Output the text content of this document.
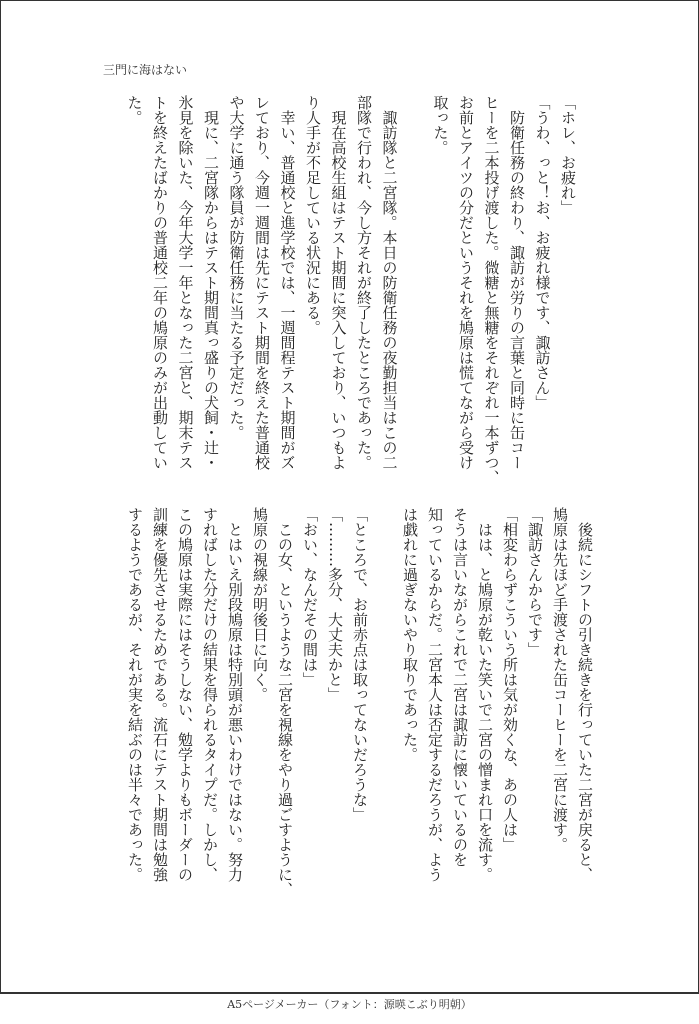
三門に海はない

「ホレ、お疲れ」

「うわ、っと！お、お疲れ様です、諏訪さん」

　防衛任務の終わり、諏訪が労りの言葉と同時に缶コー

ヒーを二本投げ渡した。微糖と無糖をそれぞれ一本ずつ、

お前とアイツの分だというそれを鳩原は慌てながら受け

取った。

　諏訪隊と二宮隊。本日の防衛任務の夜勤担当はこの二

部隊で行われ、今し方それが終了したところであった。

　現在高校生組はテスト期間に突入しており、いつもよ

り人手が不足している状況にある。

　幸い、普通校と進学校では、一週間程テスト期間がズ

レており、今週一週間は先にテスト期間を終えた普通校

や大学に通う隊員が防衛任務に当たる予定だった。

　現に、二宮隊からはテスト期間真っ盛りの犬飼・辻・

氷見を除いた、今年大学一年となった二宮と、期末テス

トを終えたばかりの普通校二年の鳩原のみが出動してい

た。

　後続にシフトの引き続きを行っていた二宮が戻ると、

鳩原は先ほど手渡された缶コーヒーを二宮に渡す。

「諏訪さんからです」

「相変わらずこういう所は気が効くな、あの人は」

　はは、と鳩原が乾いた笑いで二宮の憎まれ口を流す。

そうは言いながらこれで二宮は諏訪に懐いているのを

知っているからだ。二宮本人は否定するだろうが、よう

は戯れに過ぎないやり取りであった。

「ところで、お前赤点は取ってないだろうな」

「………多分、大丈夫かと」

「おい、なんだその間は」

　この女、というような二宮を視線をやり過ごすように、

鳩原の視線が明後日に向く。

　とはいえ別段鳩原は特別頭が悪いわけではない。努力

すればした分だけの結果を得られるタイプだ。しかし、

この鳩原は実際にはそうしない、勉学よりもボーダーの

訓練を優先させるためである。流石にテスト期間は勉強

するようであるが、それが実を結ぶのは半々であった。

A5ページメーカー（フォント：源暎こぶり明朝）
